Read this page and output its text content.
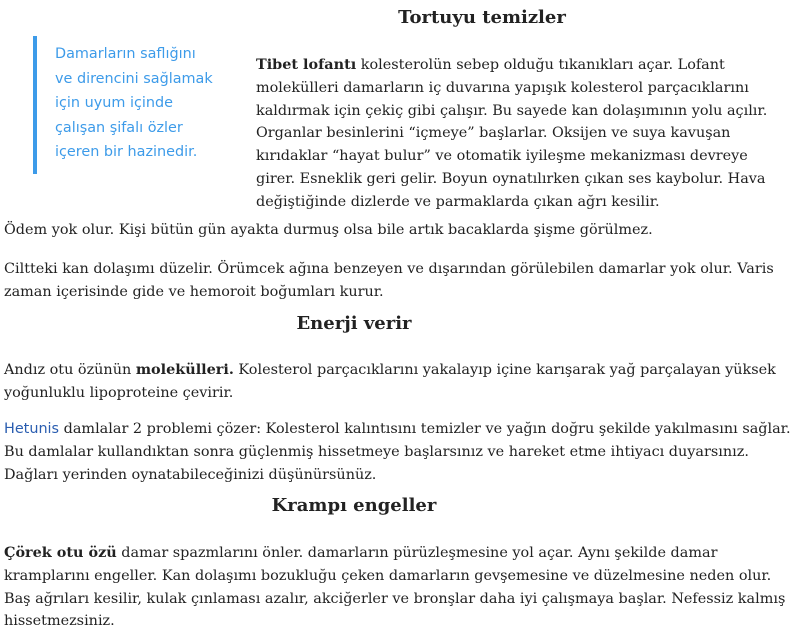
Tortuyu temizler
Damarların saflığını
ve direncini sağlamak
için uyum içinde
çalışan şifalı özler
içeren bir hazinedir.

Tibet lofantı kolesterolün sebep olduğu tıkanıkları açar. Lofant
molekülleri damarların iç duvarına yapışık kolesterol parçacıklarını
kaldırmak için çekiç gibi çalışır. Bu sayede kan dolaşımının yolu açılır.
Organlar besinlerini “içmeye” başlarlar. Oksijen ve suya kavuşan
kırıdaklar “hayat bulur” ve otomatik iyileşme mekanizması devreye
girer. Esneklik geri gelir. Boyun oynatılırken çıkan ses kaybolur. Hava
değiştiğinde dizlerde ve parmaklarda çıkan ağrı kesilir.

Ödem yok olur. Kişi bütün gün ayakta durmuş olsa bile artık bacaklarda şişme görülmez.

Ciltteki kan dolaşımı düzelir. Örümcek ağına benzeyen ve dışarından görülebilen damarlar yok olur. Varis
zaman içerisinde gide ve hemoroit boğumları kurur.

Enerji verir

Andız otu özünün molekülleri. Kolesterol parçacıklarını yakalayıp içine karışarak yağ parçalayan yüksek
yoğunluklu lipoproteine çevirir.

Hetunis damlalar 2 problemi çözer: Kolesterol kalıntısını temizler ve yağın doğru şekilde yakılmasını sağlar.
Bu damlalar kullandıktan sonra güçlenmiş hissetmeye başlarsınız ve hareket etme ihtiyacı duyarsınız.
Dağları yerinden oynatabileceğinizi düşünürsünüz.

Krampı engeller

Çörek otu özü damar spazmlarını önler. damarların pürüzleşmesine yol açar. Aynı şekilde damar
kramplarını engeller. Kan dolaşımı bozukluğu çeken damarların gevşemesine ve düzelmesine neden olur.
Baş ağrıları kesilir, kulak çınlaması azalır, akciğerler ve bronşlar daha iyi çalışmaya başlar. Nefessiz kalmış
hissetmezsiniz.
